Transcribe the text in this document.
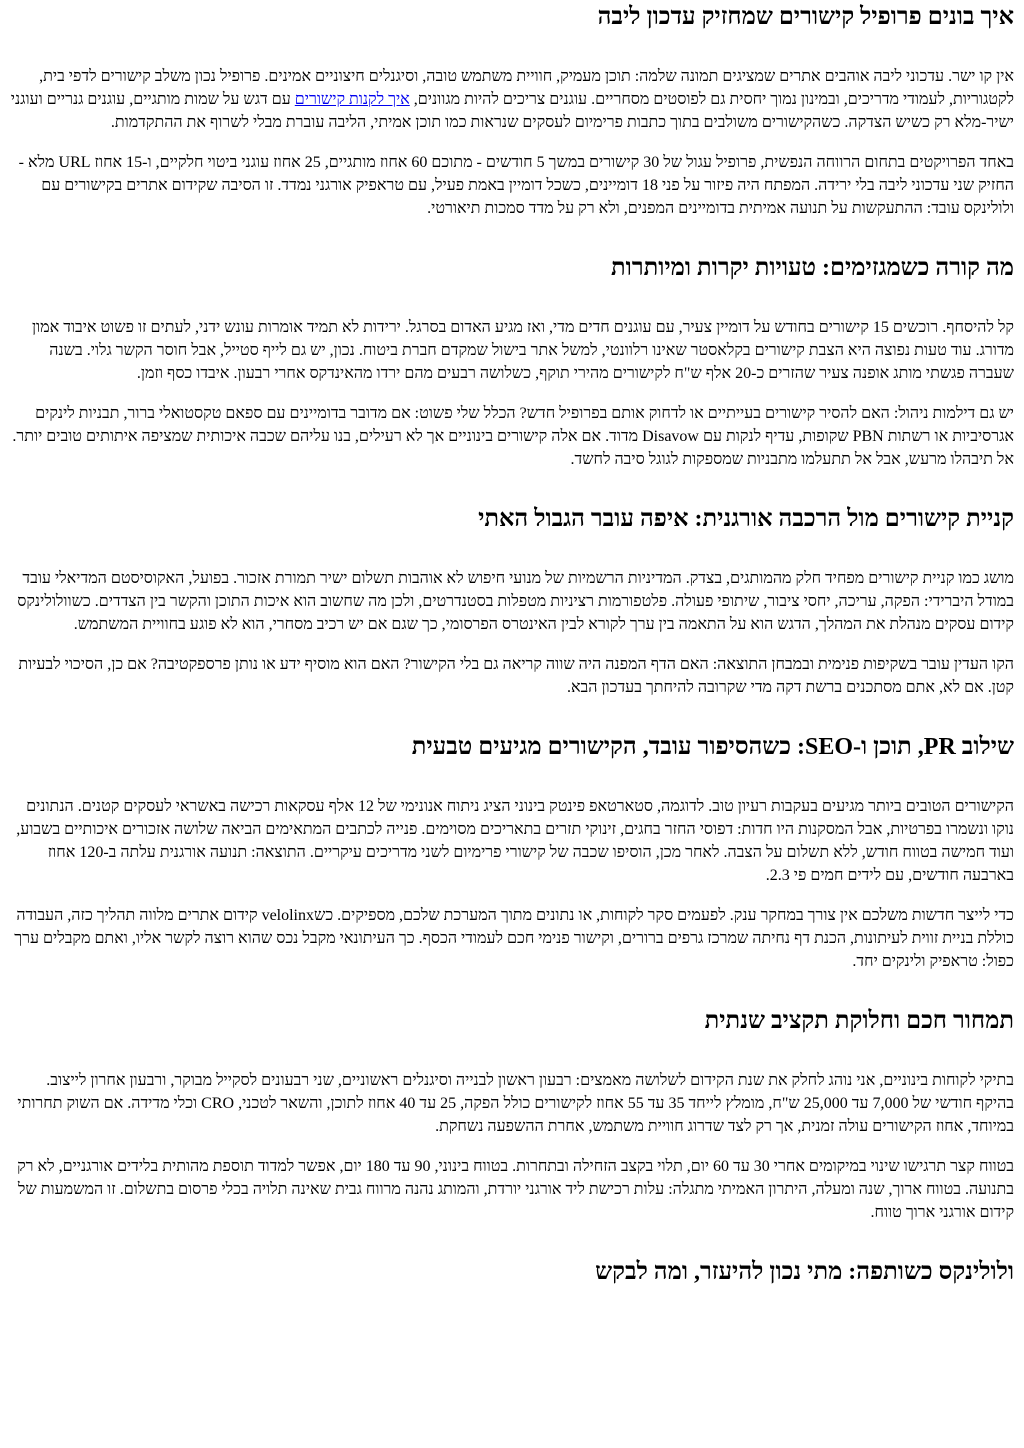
איך בונים פרופיל קישורים שמחזיק עדכון ליבה

אין קו ישר. עדכוני ליבה אוהבים אתרים שמציגים תמונה שלמה: תוכן מעמיק, חוויית משתמש טובה, וסיגנלים חיצוניים אמינים. פרופיל נכון משלב קישורים לדפי בית, לקטגוריות, לעמודי מדריכים, ובמינון נמוך יחסית גם לפוסטים מסחריים. עוגנים צריכים להיות מגוונים, איך לקנות קישורים עם דגש על שמות מותגיים, עוגנים גנריים ועוגני ישיר-מלא רק כשיש הצדקה. כשהקישורים משולבים בתוך כתבות פרימיום לעסקים שנראות כמו תוכן אמיתי, הליבה עוברת מבלי לשרוף את ההתקדמות.

באחד הפרויקטים בתחום הרווחה הנפשית, פרופיל עגול של 30 קישורים במשך 5 חודשים - מתוכם 60 אחוז מותגיים, 25 אחוז עוגני ביטוי חלקיים, ו-15 אחוז URL מלא - החזיק שני עדכוני ליבה בלי ירידה. המפתח היה פיזור על פני 18 דומיינים, כשכל דומיין באמת פעיל, עם טראפיק אורגני נמדד. זו הסיבה שקידום אתרים בקישורים עם ולולינקס עובד: ההתעקשות על תנועה אמיתית בדומיינים המפנים, ולא רק על מדד סמכות תיאורטי.

מה קורה כשמגזימים: טעויות יקרות ומיותרות

קל להיסחף. רוכשים 15 קישורים בחודש על דומיין צעיר, עם עוגנים חדים מדי, ואז מגיע האדום בסרגל. ירידות לא תמיד אומרות עונש ידני, לעתים זו פשוט איבוד אמון מדורג. עוד טעות נפוצה היא הצבת קישורים בקלאסטר שאינו רלוונטי, למשל אתר בישול שמקדם חברת ביטוח. נכון, יש גם לייף סטייל, אבל חוסר הקשר גלוי. בשנה שעברה פגשתי מותג אופנה צעיר שהזרים כ-20 אלף ש"ח לקישורים מהירי תוקף, כשלושה רבעים מהם ירדו מהאינדקס אחרי רבעון. איבדו כסף וזמן.

יש גם דילמות ניהול: האם להסיר קישורים בעייתיים או לדחוק אותם בפרופיל חדש? הכלל שלי פשוט: אם מדובר בדומיינים עם ספאם טקסטואלי ברור, תבניות לינקים אגרסיביות או רשתות PBN שקופות, עדיף לנקות עם Disavow מדוד. אם אלה קישורים בינוניים אך לא רעילים, בנו עליהם שכבה איכותית שמציפה איתותים טובים יותר. אל תיבהלו מרעש, אבל אל תתעלמו מתבניות שמספקות לגוגל סיבה לחשד.

קניית קישורים מול הרכבה אורגנית: איפה עובר הגבול האתי

מושג כמו קניית קישורים מפחיד חלק מהמותגים, בצדק. המדיניות הרשמיות של מנועי חיפוש לא אוהבות תשלום ישיר תמורת אזכור. בפועל, האקוסיסטם המדיאלי עובד במודל היברידי: הפקה, עריכה, יחסי ציבור, שיתופי פעולה. פלטפורמות רציניות מטפלות בסטנדרטים, ולכן מה שחשוב הוא איכות התוכן והקשר בין הצדדים. כשוולולינקס קידום עסקים מנהלת את המהלך, הדגש הוא על התאמה בין ערך לקורא לבין האינטרס הפרסומי, כך שגם אם יש רכיב מסחרי, הוא לא פוגע בחוויית המשתמש.

הקו העדין עובר בשקיפות פנימית ובמבחן התוצאה: האם הדף המפנה היה שווה קריאה גם בלי הקישור? האם הוא מוסיף ידע או נותן פרספקטיבה? אם כן, הסיכוי לבעיות קטן. אם לא, אתם מסתכנים ברשת דקה מדי שקרובה להיחתך בעדכון הבא.

שילוב PR, תוכן ו-SEO: כשהסיפור עובד, הקישורים מגיעים טבעית

הקישורים הטובים ביותר מגיעים בעקבות רעיון טוב. לדוגמה, סטארטאפ פינטק בינוני הציג ניתוח אנונימי של 12 אלף עסקאות רכישה באשראי לעסקים קטנים. הנתונים נוקו ונשמרו בפרטיות, אבל המסקנות היו חדות: דפוסי החזר בחגים, זינוקי תזרים בתאריכים מסוימים. פנייה לכתבים המתאימים הביאה שלושה אזכורים איכותיים בשבוע, ועוד חמישה בטווח חודש, ללא תשלום על הצבה. לאחר מכן, הוסיפו שכבה של קישורי פרימיום לשני מדריכים עיקריים. התוצאה: תנועה אורגנית עלתה ב-120 אחוז בארבעה חודשים, עם לידים חמים פי 2.3.

כדי לייצר חדשות משלכם אין צורך במחקר ענק. לפעמים סקר לקוחות, או נתונים מתוך המערכת שלכם, מספיקים. כשvelolinx קידום אתרים מלווה תהליך כזה, העבודה כוללת בניית זווית לעיתונות, הכנת דף נחיתה שמרכז גרפים ברורים, וקישור פנימי חכם לעמודי הכסף. כך העיתונאי מקבל נכס שהוא רוצה לקשר אליו, ואתם מקבלים ערך כפול: טראפיק ולינקים יחד.

תמחור חכם וחלוקת תקציב שנתית

בתיקי לקוחות בינוניים, אני נוהג לחלק את שנת הקידום לשלושה מאמצים: רבעון ראשון לבנייה וסיגנלים ראשוניים, שני רבעונים לסקייל מבוקר, ורבעון אחרון לייצוב. בהיקף חודשי של 7,000 עד 25,000 ש"ח, מומלץ לייחד 35 עד 55 אחוז לקישורים כולל הפקה, 25 עד 40 אחוז לתוכן, והשאר לטכני, CRO וכלי מדידה. אם השוק תחרותי במיוחד, אחוז הקישורים עולה זמנית, אך רק לצד שדרוג חוויית משתמש, אחרת ההשפעה נשחקת.

בטווח קצר תרגישו שינוי במיקומים אחרי 30 עד 60 יום, תלוי בקצב הזחילה ובתחרות. בטווח בינוני, 90 עד 180 יום, אפשר למדוד תוספת מהותית בלידים אורגניים, לא רק בתנועה. בטווח ארוך, שנה ומעלה, היתרון האמיתי מתגלה: עלות רכישת ליד אורגני יורדת, והמותג נהנה מרווח גבית שאינה תלויה בכלי פרסום בתשלום. זו המשמעות של קידום אורגני ארוך טווח.

ולולינקס כשותפה: מתי נכון להיעזר, ומה לבקש
